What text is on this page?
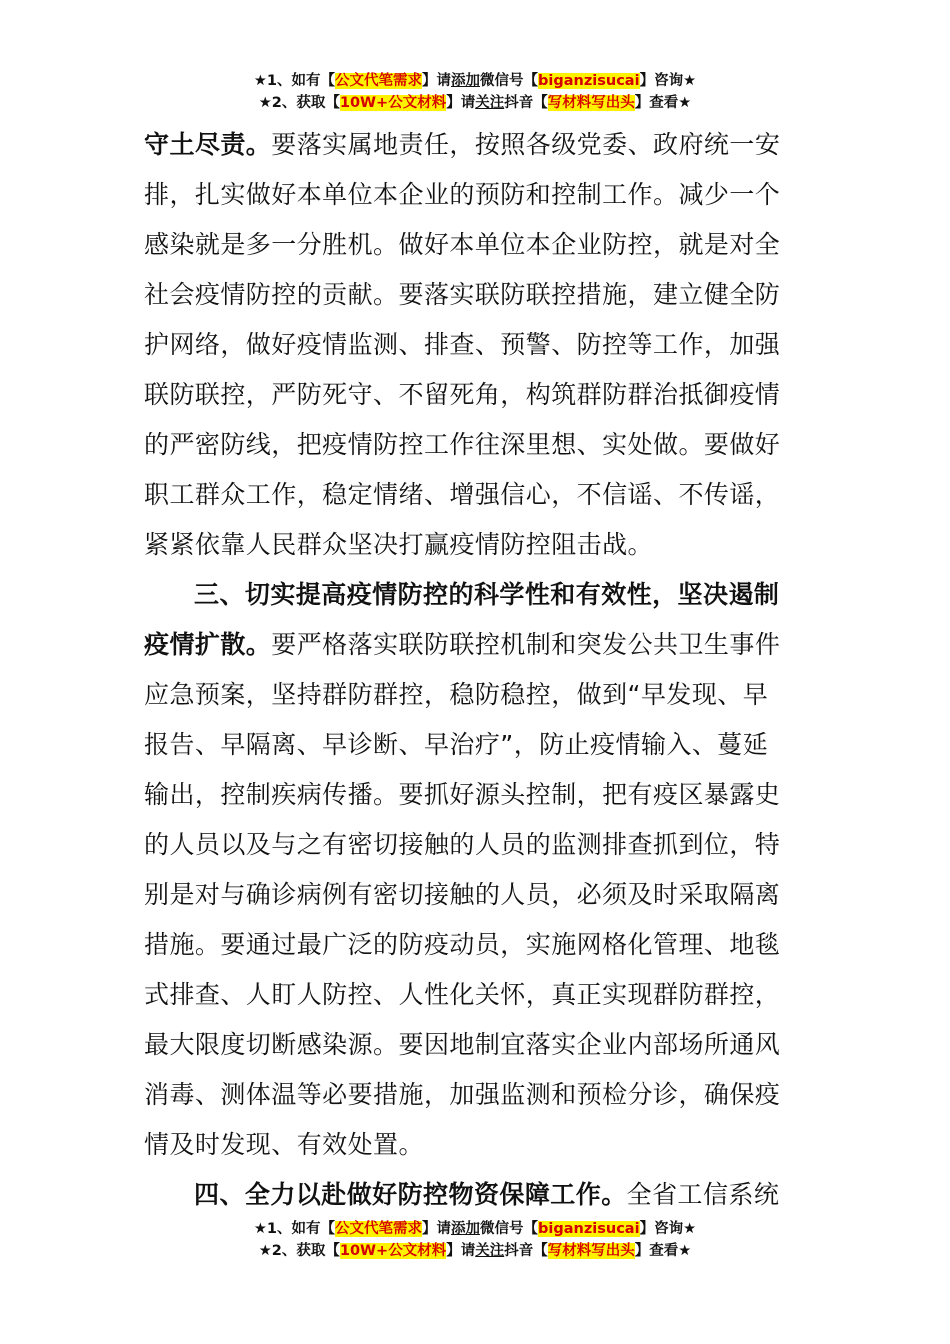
★1、如有【公文代笔需求】请添加微信号【biganzisucai】咨询★
★2、获取【10W+公文材料】请关注抖音【写材料写出头】查看★
守土尽责。要落实属地责任，按照各级党委、政府统一安
排，扎实做好本单位本企业的预防和控制工作。减少一个
感染就是多一分胜机。做好本单位本企业防控，就是对全
社会疫情防控的贡献。要落实联防联控措施，建立健全防
护网络，做好疫情监测、排查、预警、防控等工作，加强
联防联控，严防死守、不留死角，构筑群防群治抵御疫情
的严密防线，把疫情防控工作往深里想、实处做。要做好
职工群众工作，稳定情绪、增强信心，不信谣、不传谣，
紧紧依靠人民群众坚决打赢疫情防控阻击战。
三、切实提高疫情防控的科学性和有效性，坚决遏制
疫情扩散。要严格落实联防联控机制和突发公共卫生事件
应急预案，坚持群防群控，稳防稳控，做到“早发现、早
报告、早隔离、早诊断、早治疗”，防止疫情输入、蔓延
输出，控制疾病传播。要抓好源头控制，把有疫区暴露史
的人员以及与之有密切接触的人员的监测排查抓到位，特
别是对与确诊病例有密切接触的人员，必须及时采取隔离
措施。要通过最广泛的防疫动员，实施网格化管理、地毯
式排查、人盯人防控、人性化关怀，真正实现群防群控，
最大限度切断感染源。要因地制宜落实企业内部场所通风
消毒、测体温等必要措施，加强监测和预检分诊，确保疫
情及时发现、有效处置。
四、全力以赴做好防控物资保障工作。全省工信系统
★1、如有【公文代笔需求】请添加微信号【biganzisucai】咨询★
★2、获取【10W+公文材料】请关注抖音【写材料写出头】查看★
